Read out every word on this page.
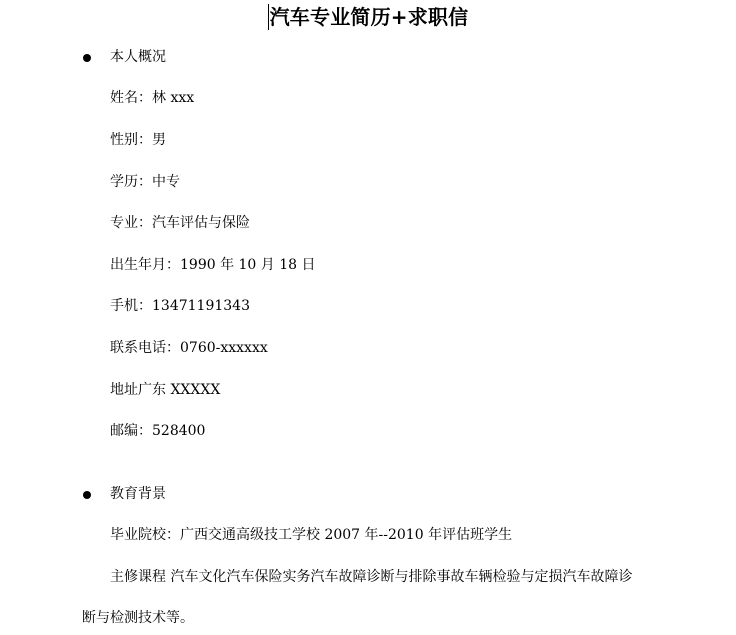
汽车专业简历+求职信
本人概况
姓名：林 xxx
性别：男
学历：中专
专业：汽车评估与保险
出生年月：1990 年 10 月 18 日
手机：13471191343
联系电话：0760-xxxxxx
地址广东 XXXXX
邮编：528400
教育背景
毕业院校：广西交通高级技工学校 2007 年--2010 年评估班学生
主修课程 汽车文化汽车保险实务汽车故障诊断与排除事故车辆检验与定损汽车故障诊
断与检测技术等。
